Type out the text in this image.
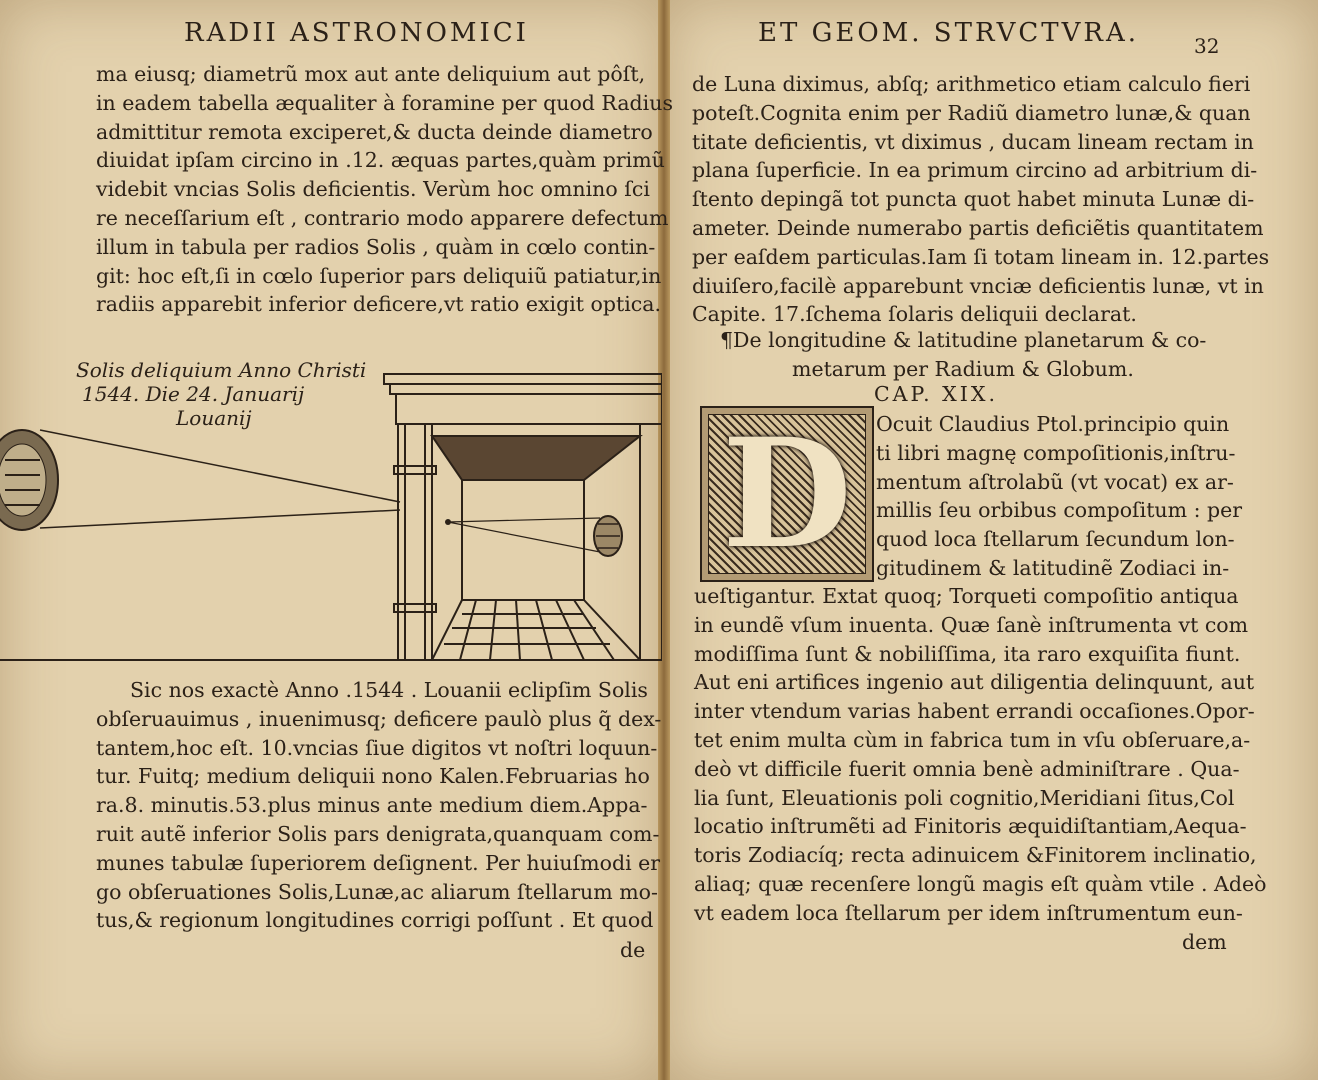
RADII ASTRONOMICI
ma eiusq; diametrũ mox aut ante deliquium aut pôſt,
in eadem tabella æqualiter à foramine per quod Radius
admittitur remota exciperet,& ducta deinde diametro
diuidat ipſam circino in .12. æquas partes,quàm primũ
videbit vncias Solis deficientis. Verùm hoc omnino ſci
re neceſſarium eſt , contrario modo apparere defectum
illum in tabula per radios Solis , quàm in cœlo contin-
git: hoc eſt,ſi in cœlo ſuperior pars deliquiũ patiatur,in
radiis apparebit inferior deficere,vt ratio exigit optica.
Solis deliquium Anno Christi
1544. Die 24. Januarij
Louanij
Sic nos exactè Anno .1544 . Louanii eclipſim Solis
obſeruauimus , inuenimusq; deficere paulò plus q̃ dex-
tantem,hoc eſt. 10.vncias ſiue digitos vt noſtri loquun-
tur. Fuitq; medium deliquii nono Kalen.Februarias ho
ra.8. minutis.53.plus minus ante medium diem.Appa-
ruit autẽ inferior Solis pars denigrata,quanquam com-
munes tabulæ ſuperiorem deſignent. Per huiuſmodi er
go obſeruationes Solis,Lunæ,ac aliarum ſtellarum mo-
tus,& regionum longitudines corrigi poſſunt . Et quod
de
ET GEOM. STRVCTVRA.	32
de Luna diximus, abſq; arithmetico etiam calculo fieri
poteſt.Cognita enim per Radiũ diametro lunæ,& quan
titate deficientis, vt diximus , ducam lineam rectam in
plana ſuperficie. In ea primum circino ad arbitrium di-
ſtento depingã tot puncta quot habet minuta Lunæ di-
ameter. Deinde numerabo partis deficiẽtis quantitatem
per eaſdem particulas.Iam ſi totam lineam in. 12.partes
diuiſero,facilè apparebunt vnciæ deficientis lunæ, vt in
Capite. 17.ſchema ſolaris deliquii declarat.
¶De longitudine & latitudine planetarum & co-
metarum per Radium & Globum.
CAP. XIX.
D	Ocuit Claudius Ptol.principio quin
ti libri magnę compoſitionis,inſtru-
mentum aſtrolabũ (vt vocat) ex ar-
millis ſeu orbibus compoſitum : per
quod loca ſtellarum ſecundum lon-
gitudinem & latitudinẽ Zodiaci in-
ueſtigantur. Extat quoq; Torqueti compoſitio antiqua
in eundẽ vſum inuenta. Quæ ſanè inſtrumenta vt com
modiſſima ſunt & nobiliſſima, ita raro exquiſita fiunt.
Aut eni artifices ingenio aut diligentia delinquunt, aut
inter vtendum varias habent errandi occaſiones.Opor-
tet enim multa cùm in fabrica tum in vſu obſeruare,a-
deò vt difficile fuerit omnia benè adminiſtrare . Qua-
lia ſunt, Eleuationis poli cognitio,Meridiani ſitus,Col
locatio inſtrumẽti ad Finitoris æquidiſtantiam,Aequa-
toris Zodiacíq; recta adinuicem &Finitorem inclinatio,
aliaq; quæ recenſere longũ magis eſt quàm vtile . Adeò
vt eadem loca ſtellarum per idem inſtrumentum eun-
dem
